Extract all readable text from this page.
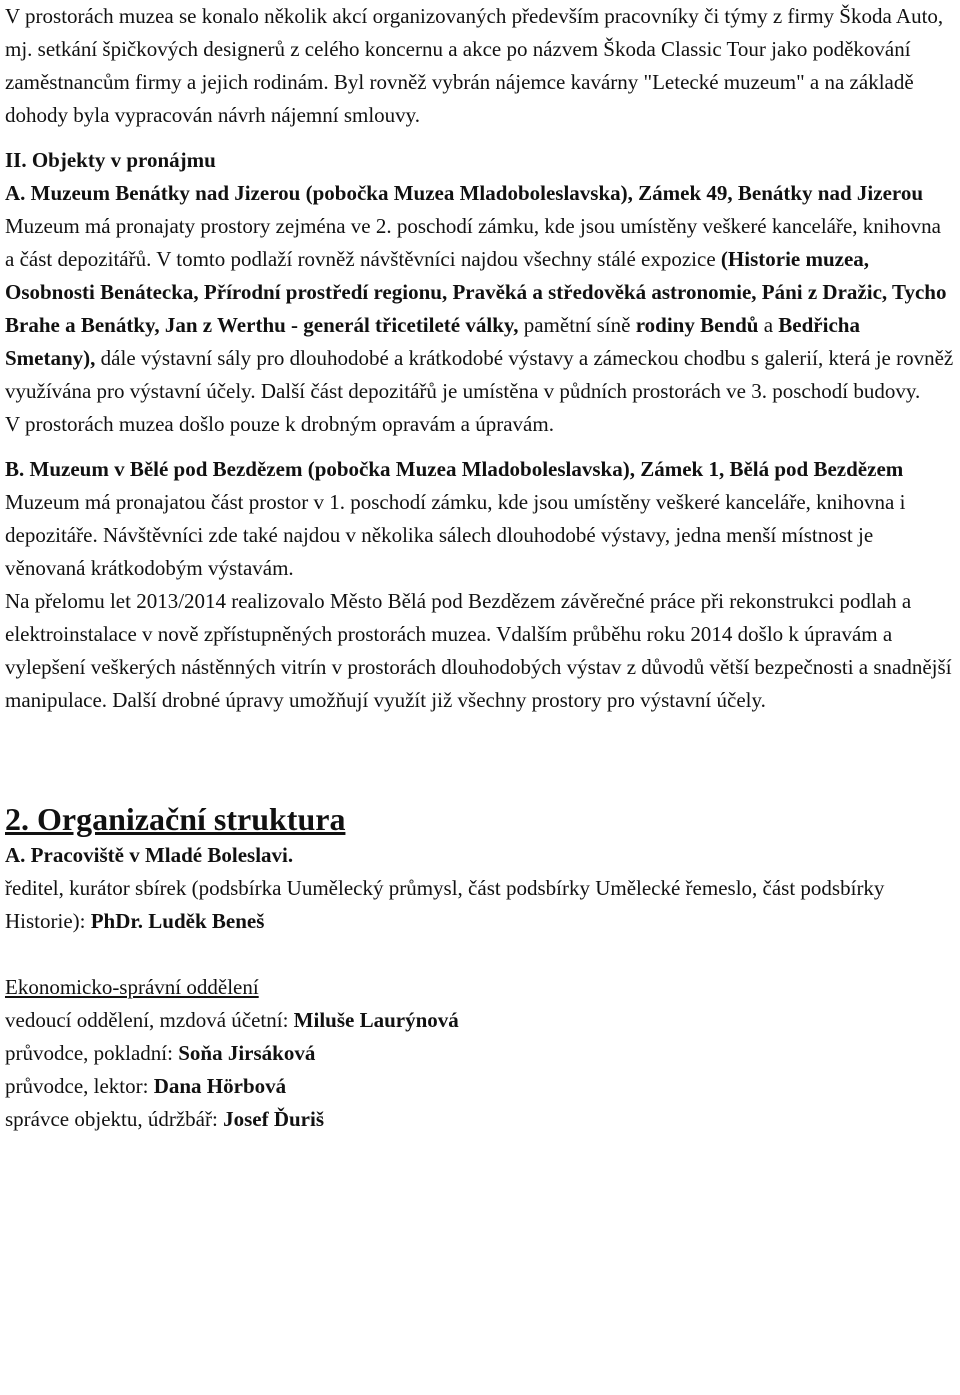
V prostorách muzea se konalo několik akcí organizovaných především pracovníky či týmy z firmy Škoda Auto, mj. setkání špičkových designerů z celého koncernu a akce po názvem Škoda Classic Tour jako poděkování zaměstnancům firmy a jejich rodinám. Byl rovněž vybrán nájemce kavárny "Letecké muzeum" a na základě dohody byla vypracován návrh nájemní smlouvy.

II. Objekty v pronájmu

A. Muzeum Benátky nad Jizerou (pobočka Muzea Mladoboleslavska), Zámek 49, Benátky nad Jizerou

Muzeum má pronajaty prostory zejména ve 2. poschodí zámku, kde jsou umístěny veškeré kanceláře, knihovna a část depozitářů. V tomto podlaží rovněž návštěvníci najdou všechny stálé expozice (Historie muzea, Osobnosti Benátecka, Přírodní prostředí regionu, Pravěká a středověká astronomie, Páni z Dražic, Tycho Brahe a Benátky, Jan z Werthu - generál třicetileté války, pamětní síně rodiny Bendů a Bedřicha Smetany), dále výstavní sály pro dlouhodobé a krátkodobé výstavy a zámeckou chodbu s galerií, která je rovněž využívána pro výstavní účely. Další část depozitářů je umístěna v půdních prostorách ve 3. poschodí budovy.

V prostorách muzea došlo pouze k drobným opravám a úpravám.

B. Muzeum v Bělé pod Bezdězem (pobočka Muzea Mladoboleslavska), Zámek 1, Bělá pod Bezdězem

Muzeum má pronajatou část prostor v 1. poschodí zámku, kde jsou umístěny veškeré kanceláře, knihovna i depozitáře. Návštěvníci zde také najdou v několika sálech dlouhodobé výstavy, jedna menší místnost je věnovaná krátkodobým výstavám.

Na přelomu let 2013/2014 realizovalo Město Bělá pod Bezdězem závěrečné práce při rekonstrukci podlah a elektroinstalace v nově zpřístupněných prostorách muzea. Vdalším průběhu roku 2014 došlo k úpravám a vylepšení veškerých nástěnných vitrín v prostorách dlouhodobých výstav z důvodů větší bezpečnosti a snadnější manipulace. Další drobné úpravy umožňují využít již všechny prostory pro výstavní účely.

2. Organizační struktura

A. Pracoviště v Mladé Boleslavi.

ředitel, kurátor sbírek (podsbírka Uumělecký průmysl, část podsbírky Umělecké řemeslo, část podsbírky Historie): PhDr. Luděk Beneš

Ekonomicko-správní oddělení

vedoucí oddělení, mzdová účetní: Miluše Laurýnová

průvodce, pokladní: Soňa Jirsáková

průvodce, lektor: Dana Hörbová

správce objektu, údržbář: Josef Ďuriš
